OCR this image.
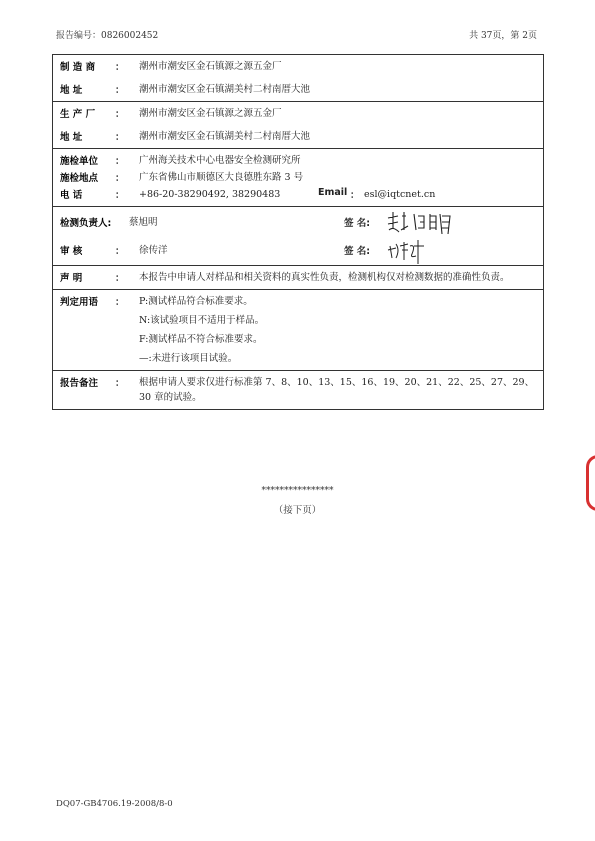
报告编号：0826002452	共 37页，第 2页
制 造 商	：	潮州市潮安区金石镇源之源五金厂
地 址	：	潮州市潮安区金石镇湖美村二村南厝大池
生 产 厂	：	潮州市潮安区金石镇源之源五金厂
地 址	：	潮州市潮安区金石镇湖美村二村南厝大池
施检单位	：	广州海关技术中心电器安全检测研究所
施检地点	：	广东省佛山市顺德区大良德胜东路 3 号
电 话	：	+86-20-38290492, 38290483	Email ： esl@iqtcnet.cn
检测负责人:	蔡旭明	签 名:
审 核	：	徐传洋	签 名:
声 明	：	本报告中申请人对样品和相关资料的真实性负责，检测机构仅对检测数据的准确性负责。
判定用语	：	P:测试样品符合标准要求。
N:该试验项目不适用于样品。
F:测试样品不符合标准要求。
—:未进行该项目试验。
报告备注	：	根据申请人要求仅进行标准第 7、8、10、13、15、16、19、20、21、22、25、27、29、30 章的试验。
****************
（接下页）
DQ07-GB4706.19-2008/8-0
